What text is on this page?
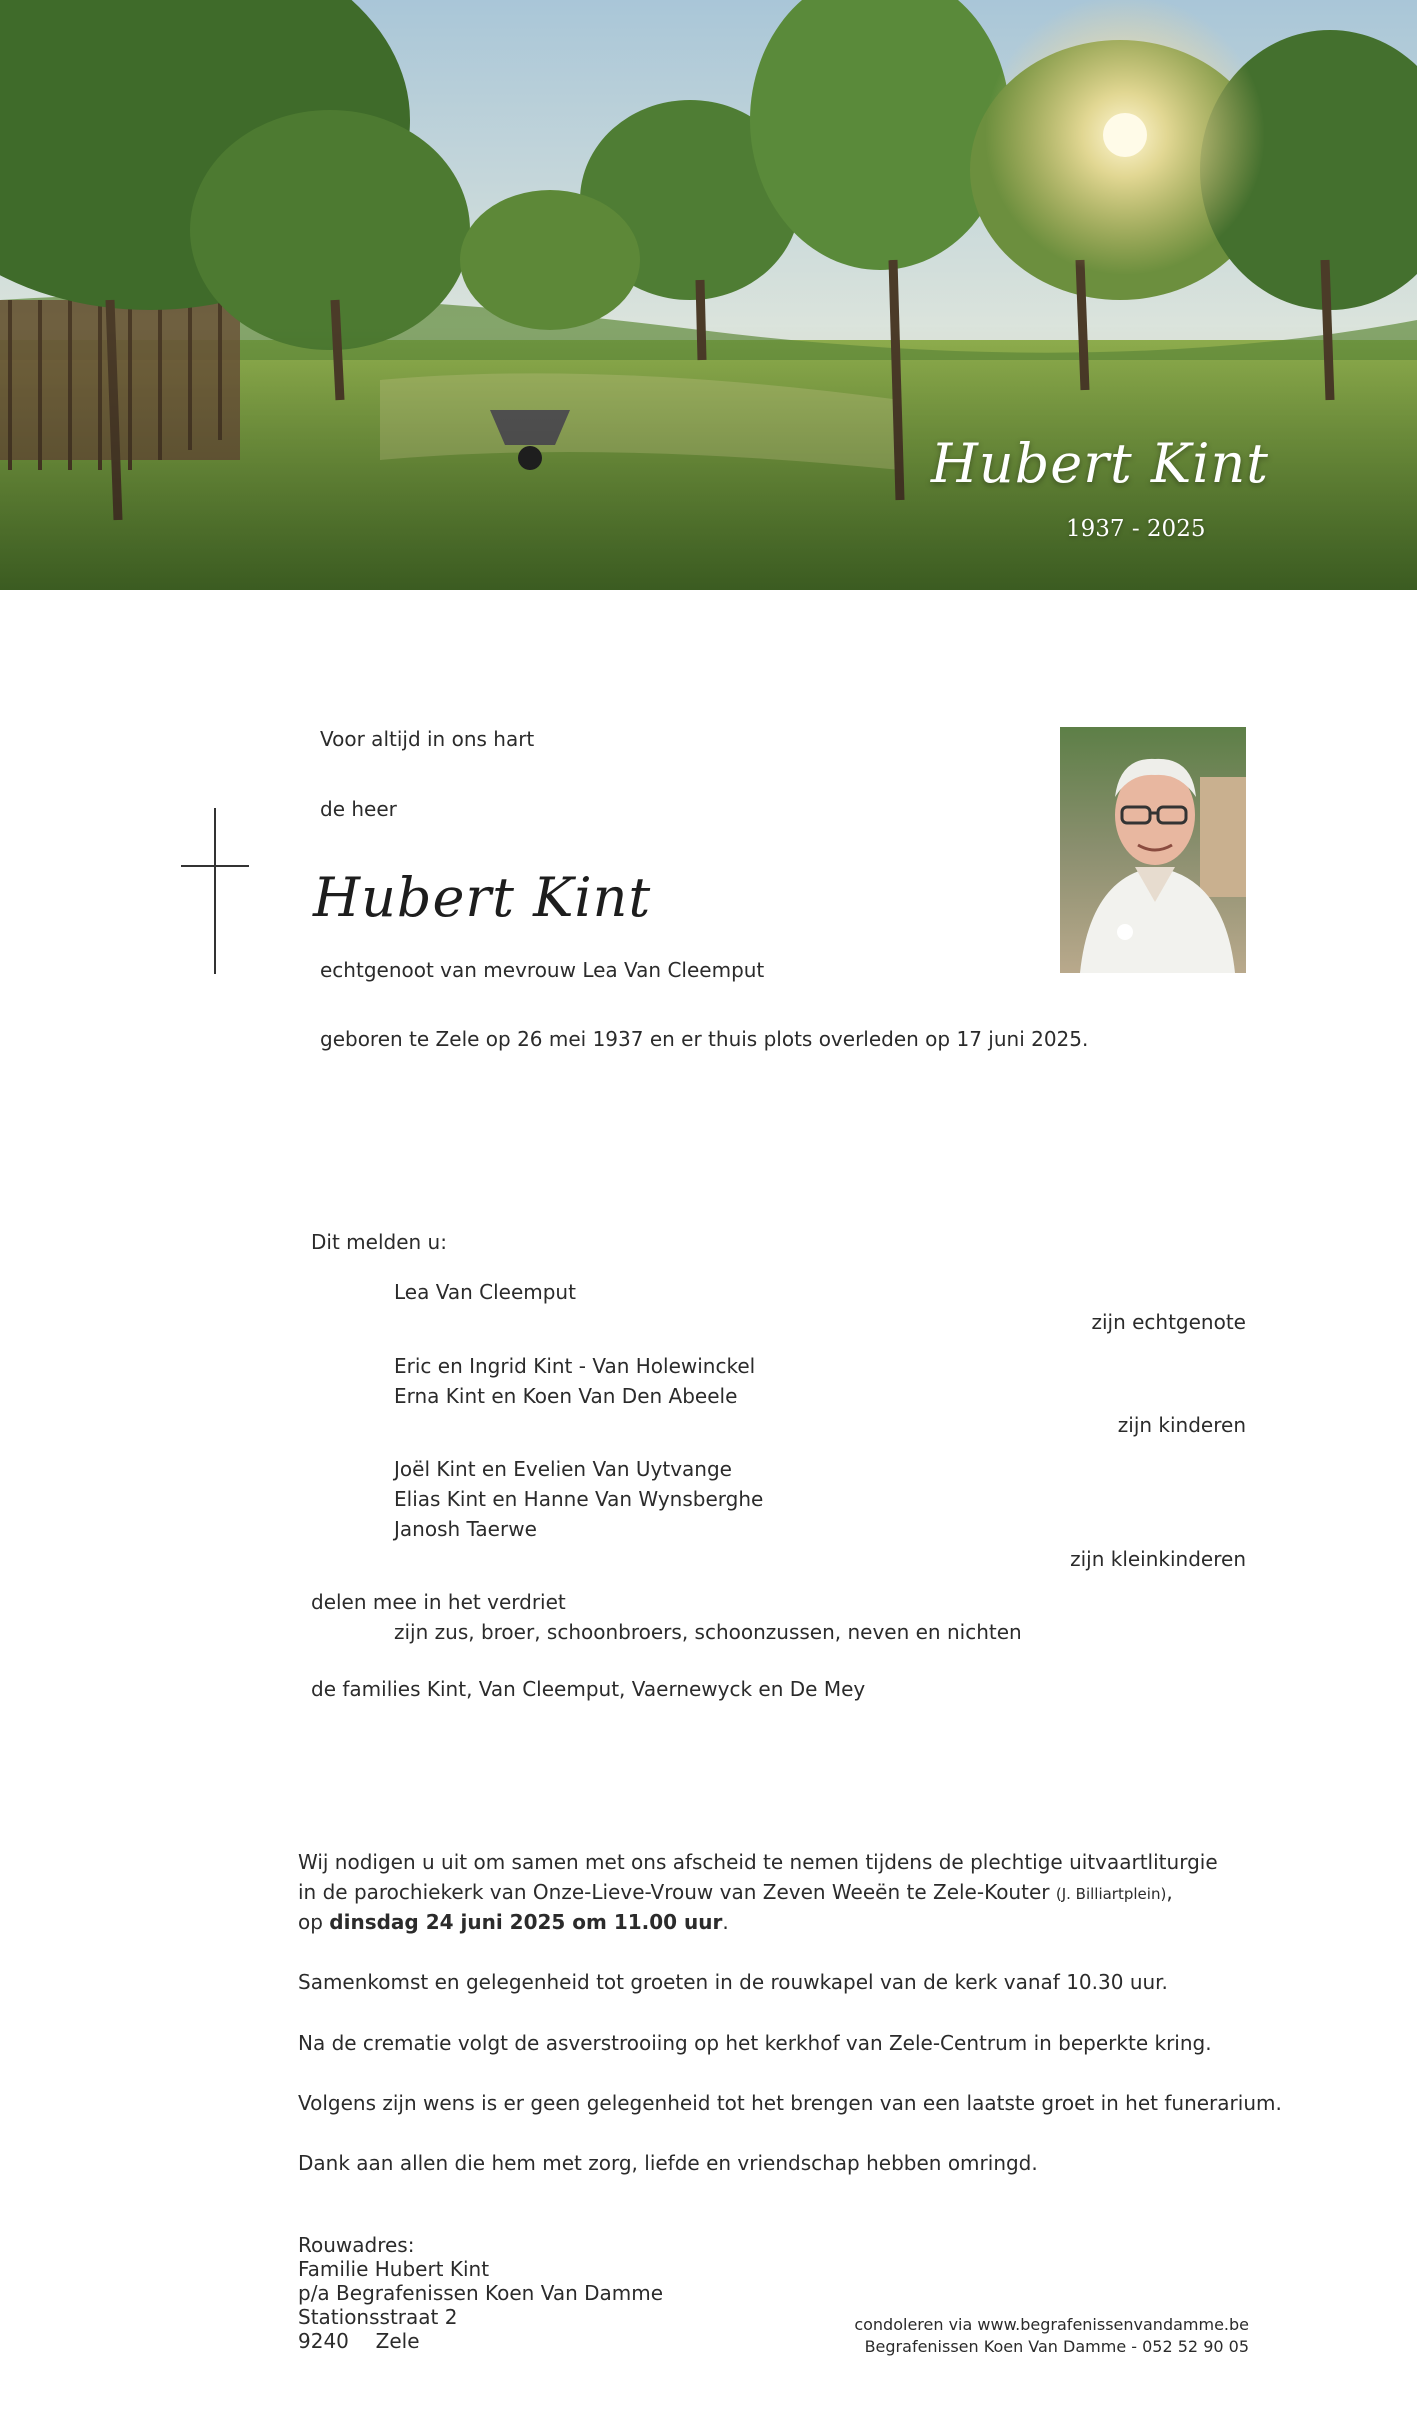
Hubert Kint
1937 - 2025
Voor altijd in ons hart
de heer
Hubert Kint
echtgenoot van mevrouw Lea Van Cleemput
geboren te Zele op 26 mei 1937 en er thuis plots overleden op 17 juni 2025.
Dit melden u:
Lea Van Cleemput
zijn echtgenote
Eric en Ingrid Kint - Van Holewinckel
Erna Kint en Koen Van Den Abeele
zijn kinderen
Joël Kint en Evelien Van Uytvange
Elias Kint en Hanne Van Wynsberghe
Janosh Taerwe
zijn kleinkinderen
delen mee in het verdriet
zijn zus, broer, schoonbroers, schoonzussen, neven en nichten
de families Kint, Van Cleemput, Vaernewyck en De Mey
Wij nodigen u uit om samen met ons afscheid te nemen tijdens de plechtige uitvaartliturgie
in de parochiekerk van Onze-Lieve-Vrouw van Zeven Weeën te Zele-Kouter (J. Billiartplein),
op dinsdag 24 juni 2025 om 11.00 uur.
Samenkomst en gelegenheid tot groeten in de rouwkapel van de kerk vanaf 10.30 uur.
Na de crematie volgt de asverstrooiing op het kerkhof van Zele-Centrum in beperkte kring.
Volgens zijn wens is er geen gelegenheid tot het brengen van een laatste groet in het funerarium.
Dank aan allen die hem met zorg, liefde en vriendschap hebben omringd.
Rouwadres:
Familie Hubert Kint
p/a Begrafenissen Koen Van Damme
Stationsstraat 2
9240 Zele
condoleren via www.begrafenissenvandamme.be
Begrafenissen Koen Van Damme - 052 52 90 05
